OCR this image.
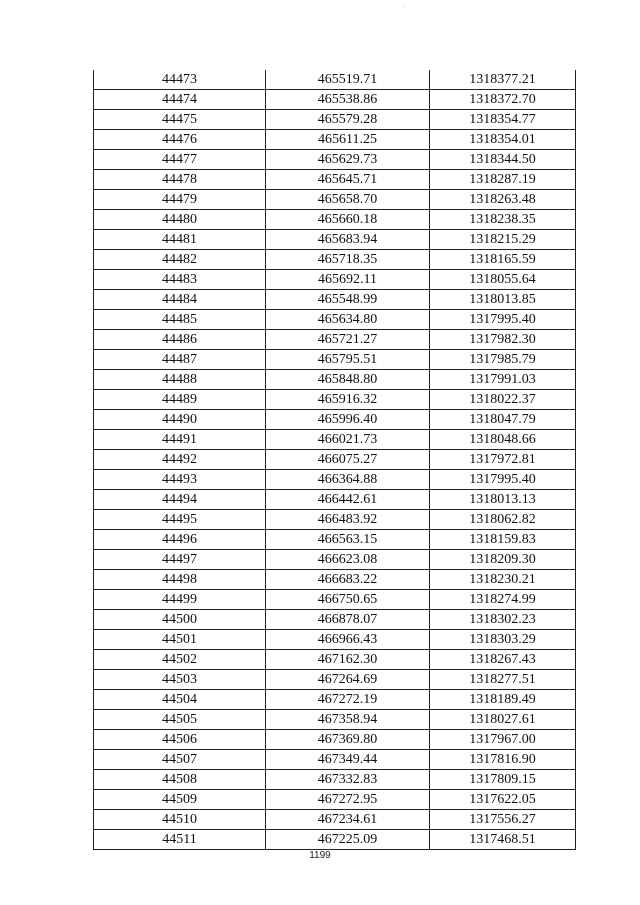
44473	465519.71	1318377.21
44474	465538.86	1318372.70
44475	465579.28	1318354.77
44476	465611.25	1318354.01
44477	465629.73	1318344.50
44478	465645.71	1318287.19
44479	465658.70	1318263.48
44480	465660.18	1318238.35
44481	465683.94	1318215.29
44482	465718.35	1318165.59
44483	465692.11	1318055.64
44484	465548.99	1318013.85
44485	465634.80	1317995.40
44486	465721.27	1317982.30
44487	465795.51	1317985.79
44488	465848.80	1317991.03
44489	465916.32	1318022.37
44490	465996.40	1318047.79
44491	466021.73	1318048.66
44492	466075.27	1317972.81
44493	466364.88	1317995.40
44494	466442.61	1318013.13
44495	466483.92	1318062.82
44496	466563.15	1318159.83
44497	466623.08	1318209.30
44498	466683.22	1318230.21
44499	466750.65	1318274.99
44500	466878.07	1318302.23
44501	466966.43	1318303.29
44502	467162.30	1318267.43
44503	467264.69	1318277.51
44504	467272.19	1318189.49
44505	467358.94	1318027.61
44506	467369.80	1317967.00
44507	467349.44	1317816.90
44508	467332.83	1317809.15
44509	467272.95	1317622.05
44510	467234.61	1317556.27
44511	467225.09	1317468.51
1199
